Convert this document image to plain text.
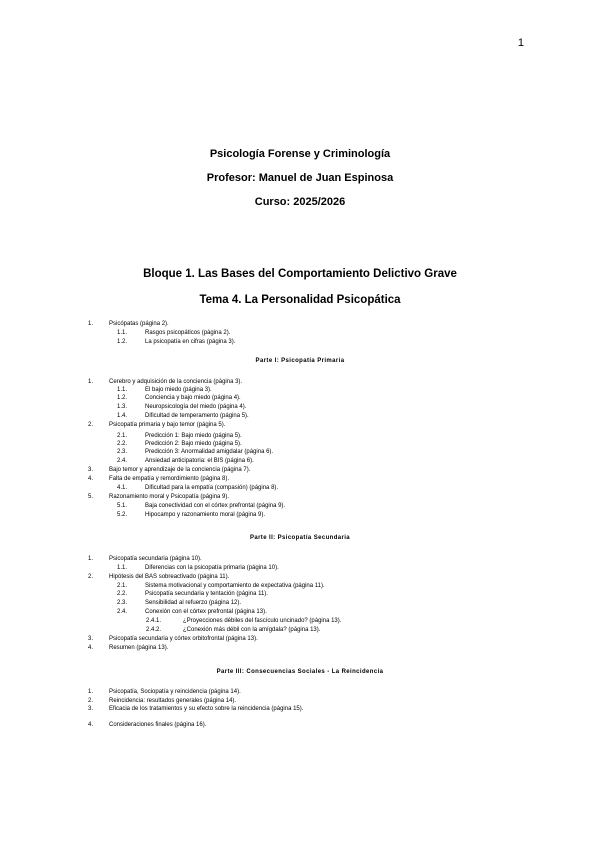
1
Psicología Forense y Criminología
Profesor: Manuel de Juan Espinosa
Curso: 2025/2026
Bloque 1. Las Bases del Comportamiento Delictivo Grave
Tema 4. La Personalidad Psicopática
1.	Psicópatas (página 2).
1.1.	Rasgos psicopáticos (página 2).
1.2.	La psicopatía en cifras (página 3).
Parte I: Psicopatía Primaria
1.	Cerebro y adquisición de la conciencia (página 3).
1.1.	El bajo miedo (página 3).
1.2.	Conciencia y bajo miedo (página 4).
1.3.	Neuropsicología del miedo (página 4).
1.4.	Dificultad de temperamento (página 5).
2.	Psicopatía primaria y bajo temor (página 5).
2.1.	Predicción 1: Bajo miedo (página 5).
2.2.	Predicción 2: Bajo miedo (página 5).
2.3.	Predicción 3: Anormalidad amigdalar (página 6).
2.4.	Ansiedad anticipatoria: el BIS (página 6).
3.	Bajo temor y aprendizaje de la conciencia (página 7).
4.	Falta de empatía y remordimiento (página 8).
4.1.	Dificultad para la empatía (compasión) (página 8).
5.	Razonamiento moral y Psicopatía (página 9).
5.1.	Baja conectividad con el córtex prefrontal (página 9).
5.2.	Hipocampo y razonamiento moral (página 9).
Parte II: Psicopatía Secundaria
1.	Psicopatía secundaria (página 10).
1.1.	Diferencias con la psicopatía primaria (página 10).
2.	Hipótesis del BAS sobreactivado (página 11).
2.1.	Sistema motivacional y comportamiento de expectativa (página 11).
2.2.	Psicopatía secundaria y tentación (página 11).
2.3.	Sensibilidad al refuerzo (página 12).
2.4.	Conexión con el córtex prefrontal (página 13).
2.4.1.	¿Proyecciones débiles del fascículo uncinado? (página 13).
2.4.2.	¿Conexión más débil con la amígdala? (página 13).
3.	Psicopatía secundaria y córtex orbitofrontal (página 13).
4.	Resumen (página 13).
Parte III: Consecuencias Sociales - La Reincidencia
1.	Psicopatía, Sociopatía y reincidencia (página 14).
2.	Reincidencia: resultados generales (página 14).
3.	Eficacia de los tratamientos y su efecto sobre la reincidencia (página 15).
4.	Consideraciones finales (página 16).
